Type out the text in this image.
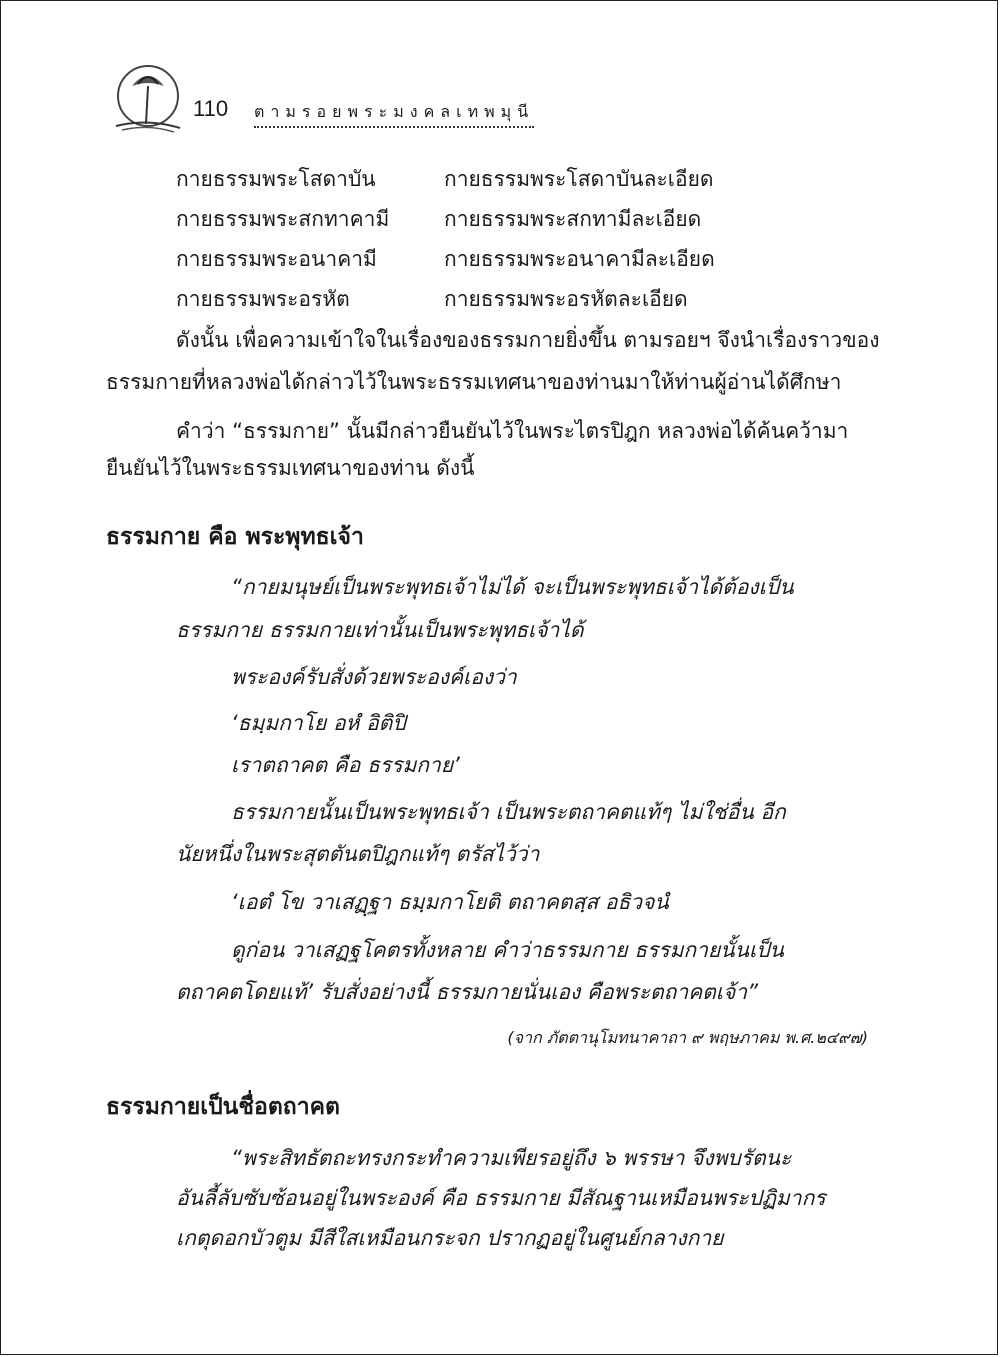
110 ตามรอยพระมงคลเทพมุนี
กายธรรมพระโสดาบัน	กายธรรมพระโสดาบันละเอียด
กายธรรมพระสกทาคามี	กายธรรมพระสกทามีละเอียด
กายธรรมพระอนาคามี	กายธรรมพระอนาคามีละเอียด
กายธรรมพระอรหัต	กายธรรมพระอรหัตละเอียด
ดังนั้น เพื่อความเข้าใจในเรื่องของธรรมกายยิ่งขึ้น ตามรอยฯ จึงนำเรื่องราวของ
ธรรมกายที่หลวงพ่อได้กล่าวไว้ในพระธรรมเทศนาของท่านมาให้ท่านผู้อ่านได้ศึกษา
คำว่า “ธรรมกาย” นั้นมีกล่าวยืนยันไว้ในพระไตรปิฎก หลวงพ่อได้ค้นคว้ามา
ยืนยันไว้ในพระธรรมเทศนาของท่าน ดังนี้
ธรรมกาย คือ พระพุทธเจ้า
“กายมนุษย์เป็นพระพุทธเจ้าไม่ได้ จะเป็นพระพุทธเจ้าได้ต้องเป็น
ธรรมกาย ธรรมกายเท่านั้นเป็นพระพุทธเจ้าได้
พระองค์รับสั่งด้วยพระองค์เองว่า
‘ธมฺมกาโย อหํ อิติปิ
เราตถาคต คือ ธรรมกาย’
ธรรมกายนั้นเป็นพระพุทธเจ้า เป็นพระตถาคตแท้ๆ ไม่ใช่อื่น อีก
นัยหนึ่งในพระสุตตันตปิฎกแท้ๆ ตรัสไว้ว่า
‘เอตํ โข วาเสฏฺฐา ธมฺมกาโยติ ตถาคตสฺส อธิวจนํ
ดูก่อน วาเสฏฐโคตรทั้งหลาย คำว่าธรรมกาย ธรรมกายนั้นเป็น
ตถาคตโดยแท้’ รับสั่งอย่างนี้ ธรรมกายนั่นเอง คือพระตถาคตเจ้า”
(จาก ภัตตานุโมทนาคาถา ๙ พฤษภาคม พ.ศ.๒๔๙๗)
ธรรมกายเป็นชื่อตถาคต
“พระสิทธัตถะทรงกระทำความเพียรอยู่ถึง ๖ พรรษา จึงพบรัตนะ
อันลี้ลับซับซ้อนอยู่ในพระองค์ คือ ธรรมกาย มีสัณฐานเหมือนพระปฏิมากร
เกตุดอกบัวตูม มีสีใสเหมือนกระจก ปรากฏอยู่ในศูนย์กลางกาย
